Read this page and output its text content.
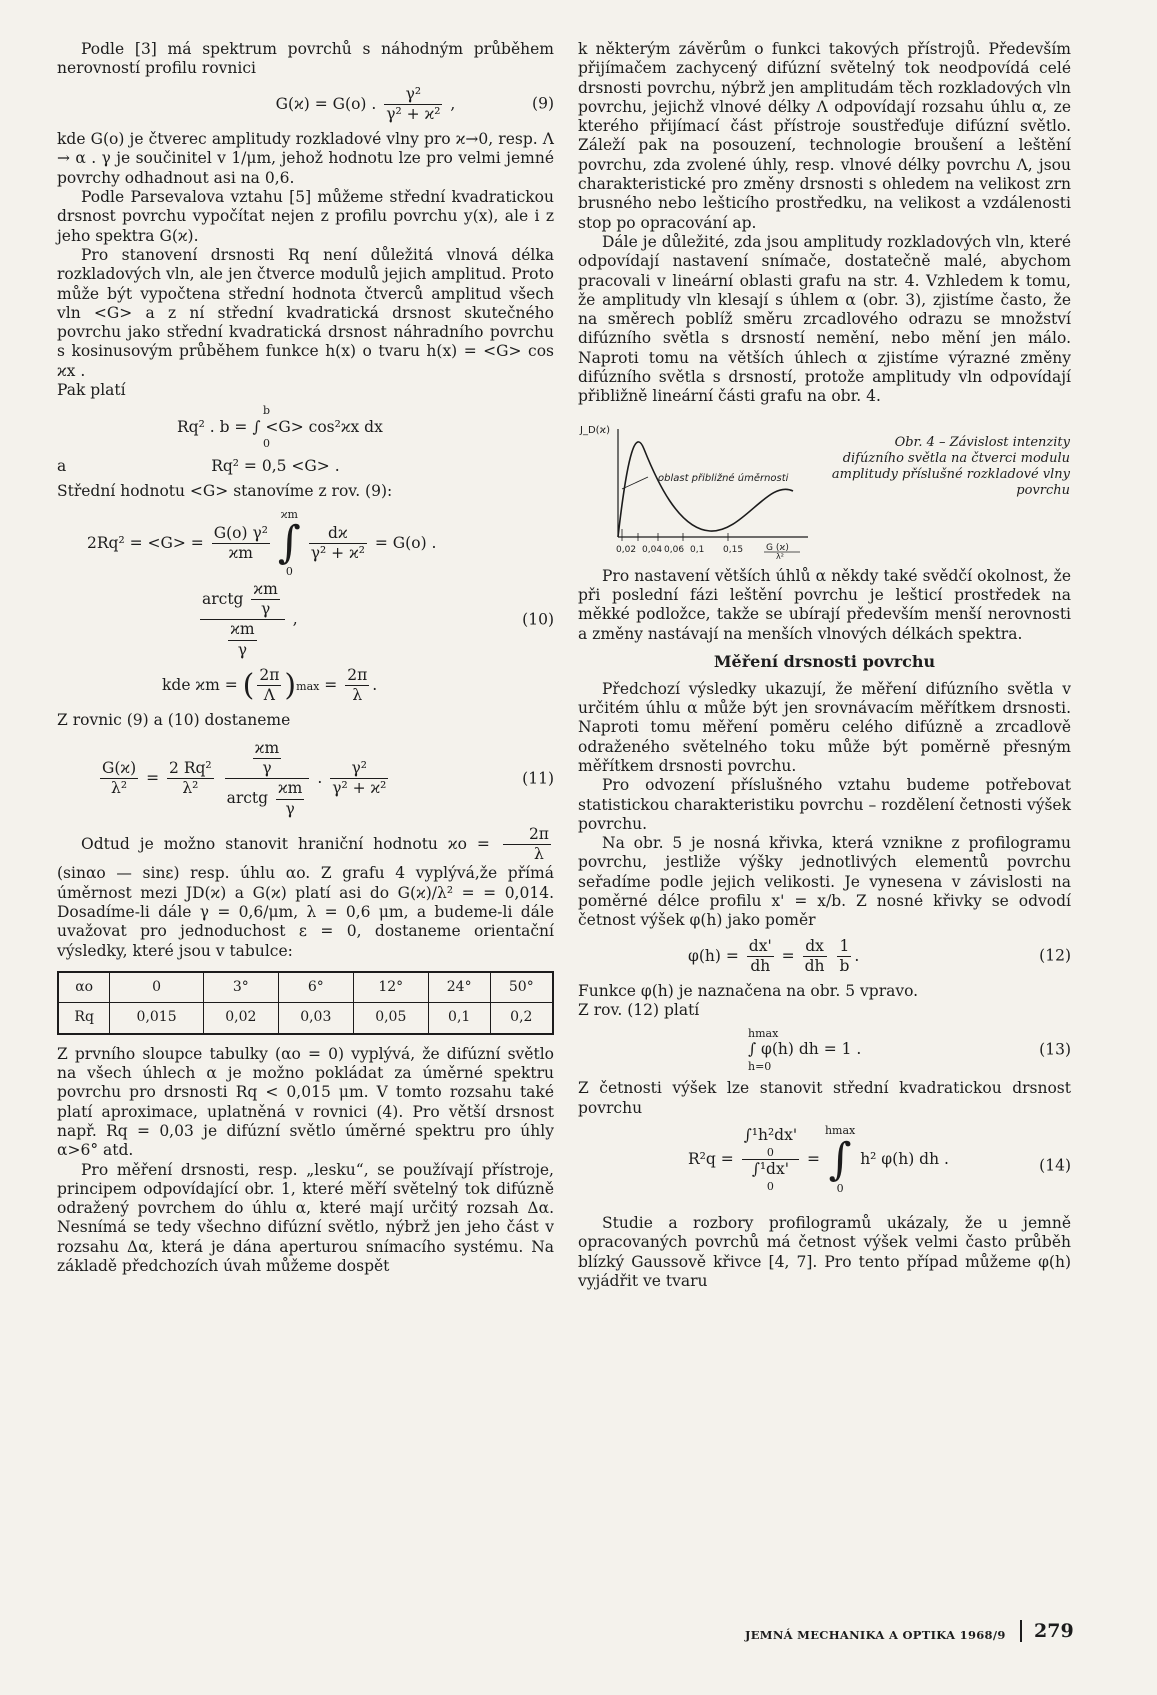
Podle [3] má spektrum povrchů s náhodným průběhem nerovností profilu rovnici

G(ϰ) = G(o) . $\frac{\text{γ²}}{\text{γ² + ϰ²}}$ ,	(9)

kde G(o) je čtverec amplitudy rozkladové vlny pro ϰ→0, resp. Λ → α . γ je součinitel v 1/μm, jehož hodnotu lze pro velmi jemné povrchy odhadnout asi na 0,6.

Podle Parsevalova vztahu [5] můžeme střední kvadratickou drsnost povrchu vypočítat nejen z profilu povrchu y(x), ale i z jeho spektra G(ϰ).

Pro stanovení drsnosti Rq není důležitá vlnová délka rozkladových vln, ale jen čtverce modulů jejich amplitud. Proto může být vypočtena střední hodnota čtverců amplitud všech vln <G> a z ní střední kvadratická drsnost skutečného povrchu jako střední kvadratická drsnost náhradního povrchu s kosinusovým průběhem funkce h(x) o tvaru h(x) = <G> cos ϰx .

Pak platí

b
Rq² . b = ∫ <G> cos²ϰx dx
0
a	Rq² = 0,5 <G> .

Střední hodnotu <G> stanovíme z rov. (9):

$2Rq^2 = <G> = \frac{\text{G(o) γ²}}{ϰm}$

ϰm
∫
0

$\frac{dϰ}{\text{γ² + ϰ²}} = G(o)$ .
$\frac{arctg \frac{ϰm}{\gamma}}{\frac{ϰm}{\gamma}}$ ,	(10)
kde ϰm = ( $\frac{2\pi}{\Lambda} )\max = \frac{2\pi}{\lambda}$ .

Z rovnic (9) a (10) dostaneme

$\frac{G(ϰ)}{\text{λ²}} = \frac{\text{2 Rq²}}{\text{λ²}}$
$\frac{\frac{ϰm}{\gamma}}{arctg \frac{ϰm}{\gamma}}$ . $\frac{\text{γ²}}{\text{γ² + ϰ²}}$	(11)

Odtud je možno stanovit hraniční hodnotu $ϰo = \frac{2\pi}{\lambda}$
(sinαo — sinε) resp. úhlu αo. Z grafu 4 vyplývá,že přímá úměrnost mezi JD(ϰ) a G(ϰ) platí asi do G(ϰ)/λ² = = 0,014. Dosadíme-li dále γ = 0,6/μm, λ = 0,6 μm, a budeme-li dále uvažovat pro jednoduchost ε = 0, dostaneme orientační výsledky, které jsou v tabulce:

αo	0	3°	6°	12°	24°	50°
Rq	0,015	0,02	0,03	0,05	0,1	0,2

Z prvního sloupce tabulky (αo = 0) vyplývá, že difúzní světlo na všech úhlech α je možno pokládat za úměrné spektru povrchu pro drsnosti Rq < 0,015 μm. V tomto rozsahu také platí aproximace, uplatněná v rovnici (4). Pro větší drsnost např. Rq = 0,03 je difúzní světlo úměrné spektru pro úhly α>6° atd.

Pro měření drsnosti, resp. „lesku“, se používají přístroje, principem odpovídající obr. 1, které měří světelný tok difúzně odražený povrchem do úhlu α, které mají určitý rozsah Δα. Nesnímá se tedy všechno difúzní světlo, nýbrž jen jeho část v rozsahu Δα, která je dána aperturou snímacího systému. Na základě předchozích úvah můžeme dospět

k některým závěrům o funkci takových přístrojů. Především přijímačem zachycený difúzní světelný tok neodpovídá celé drsnosti povrchu, nýbrž jen amplitudám těch rozkladových vln povrchu, jejichž vlnové délky Λ odpovídají rozsahu úhlu α, ze kterého přijímací část přístroje soustřeďuje difúzní světlo. Záleží pak na posouzení, technologie broušení a leštění povrchu, zda zvolené úhly, resp. vlnové délky povrchu Λ, jsou charakteristické pro změny drsnosti s ohledem na velikost zrn brusného nebo lešticího prostředku, na velikost a vzdálenosti stop po opracování ap.

Dále je důležité, zda jsou amplitudy rozkladových vln, které odpovídají nastavení snímače, dostatečně malé, abychom pracovali v lineární oblasti grafu na str. 4. Vzhledem k tomu, že amplitudy vln klesají s úhlem α (obr. 3), zjistíme často, že na směrech poblíž směru zrcadlového odrazu se množství difúzního světla s drsností nemění, nebo mění jen málo. Naproti tomu na větších úhlech α zjistíme výrazné změny difúzního světla s drsností, protože amplitudy vln odpovídají přibližně lineární části grafu na obr. 4.

J_D(ϰ)
oblast přibližné úměrnosti
0,02 0,04 0,06 0,1 0,15	G (ϰ)
λ²
Obr. 4 – Závislost intenzity difúzního světla na čtverci modulu amplitudy příslušné rozkladové vlny povrchu

Pro nastavení větších úhlů α někdy také svědčí okolnost, že při poslední fázi leštění povrchu je lešticí prostředek na měkké podložce, takže se ubírají především menší nerovnosti a změny nastávají na menších vlnových délkách spektra.

Měření drsnosti povrchu

Předchozí výsledky ukazují, že měření difúzního světla v určitém úhlu α může být jen srovnávacím měřítkem drsnosti. Naproti tomu měření poměru celého difúzně a zrcadlově odraženého světelného toku může být poměrně přesným měřítkem drsnosti povrchu.

Pro odvození příslušného vztahu budeme potřebovat statistickou charakteristiku povrchu – rozdělení četnosti výšek povrchu.

Na obr. 5 je nosná křivka, která vznikne z profilogramu povrchu, jestliže výšky jednotlivých elementů povrchu seřadíme podle jejich velikosti. Je vynesena v závislosti na poměrné délce profilu x' = x/b. Z nosné křivky se odvodí četnost výšek φ(h) jako poměr

$\varphi(h) = \frac{dx'}{dh} = \frac{dx}{dh}$
$\frac{1}{b}$ .	(12)

Funkce φ(h) je naznačena na obr. 5 vpravo.

Z rov. (12) platí

hmax
∫ φ(h) dh = 1 .
h=0
(13)

Z četnosti výšek lze stanovit střední kvadratickou drsnost povrchu

R²q = ∫¹h²dx'
0
∫¹dx'
0 =
hmax
∫
0
h² φ(h) dh .	(14)

Studie a rozbory profilogramů ukázaly, že u jemně opracovaných povrchů má četnost výšek velmi často průběh blízký Gaussově křivce [4, 7]. Pro tento případ můžeme φ(h) vyjádřit ve tvaru

JEMNÁ MECHANIKA A OPTIKA 1968/9	279
